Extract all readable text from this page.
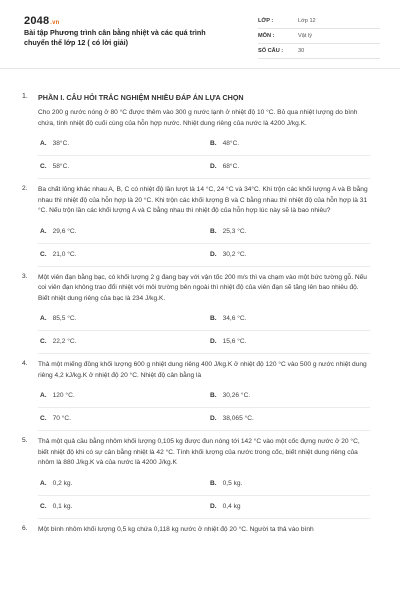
2048.vn
Bài tập Phương trình cân bằng nhiệt và các quá trình chuyển thể lớp 12 ( có lời giải)
LỚP :	Lớp 12
MÔN :	Vật lý
SỐ CÂU :	30
1. PHẦN I. CÂU HỎI TRẮC NGHIỆM NHIỀU ĐÁP ÁN LỰA CHỌN
Cho 200 g nước nóng ở 80 °C được thêm vào 300 g nước lạnh ở nhiệt độ 10 °C. Bỏ qua nhiệt lượng do bình chứa, tính nhiệt độ cuối cùng của hỗn hợp nước. Nhiệt dung riêng của nước là 4200 J/kg.K.
A. 38°C.	B. 48°C.
C. 58°C.	D. 68°C.
2. Ba chất lỏng khác nhau A, B, C có nhiệt độ lần lượt là 14 °C, 24 °C và 34°C. Khi trộn các khối lượng A và B bằng nhau thì nhiệt độ của hỗn hợp là 20 °C. Khi trộn các khối lượng B và C bằng nhau thì nhiệt độ của hỗn hợp là 31 °C. Nếu trộn lần các khối lượng A và C bằng nhau thì nhiệt độ của hỗn hợp lúc này sẽ là bao nhiêu?
A. 29,6 °C.	B. 25,3 °C.
C. 21,0 °C.	D. 30,2 °C.
3. Một viên đạn bằng bạc, có khối lượng 2 g đang bay với vận tốc 200 m/s thì va chạm vào một bức tường gỗ. Nếu coi viên đạn không trao đổi nhiệt với môi trường bên ngoài thì nhiệt độ của viên đạn sẽ tăng lên bao nhiêu độ. Biết nhiệt dung riêng của bạc là 234 J/kg.K.
A. 85,5 °C.	B. 34,6 °C.
C. 22,2 °C.	D. 15,6 °C.
4. Thả một miếng đồng khối lượng 600 g nhiệt dung riêng 400 J/kg.K ở nhiệt độ 120 °C vào 500 g nước nhiệt dung riêng 4,2 kJ/kg.K ở nhiệt độ 20 °C. Nhiệt độ cân bằng là
A. 120 °C.	B. 30,26 °C.
C. 70 °C.	D. 38,065 °C.
5. Thả một quả cầu bằng nhôm khối lượng 0,105 kg được đun nóng tới 142 °C vào một cốc đựng nước ở 20 °C, biết nhiệt độ khi có sự cân bằng nhiệt là 42 °C. Tính khối lượng của nước trong cốc, biết nhiệt dung riêng của nhôm là 880 J/kg.K và của nước là 4200 J/kg.K
A. 0,2 kg.	B. 0,5 kg.
C. 0,1 kg.	D. 0,4 kg
6. Một bình nhôm khối lượng 0,5 kg chứa 0,118 kg nước ở nhiệt độ 20 °C. Người ta thả vào bình
